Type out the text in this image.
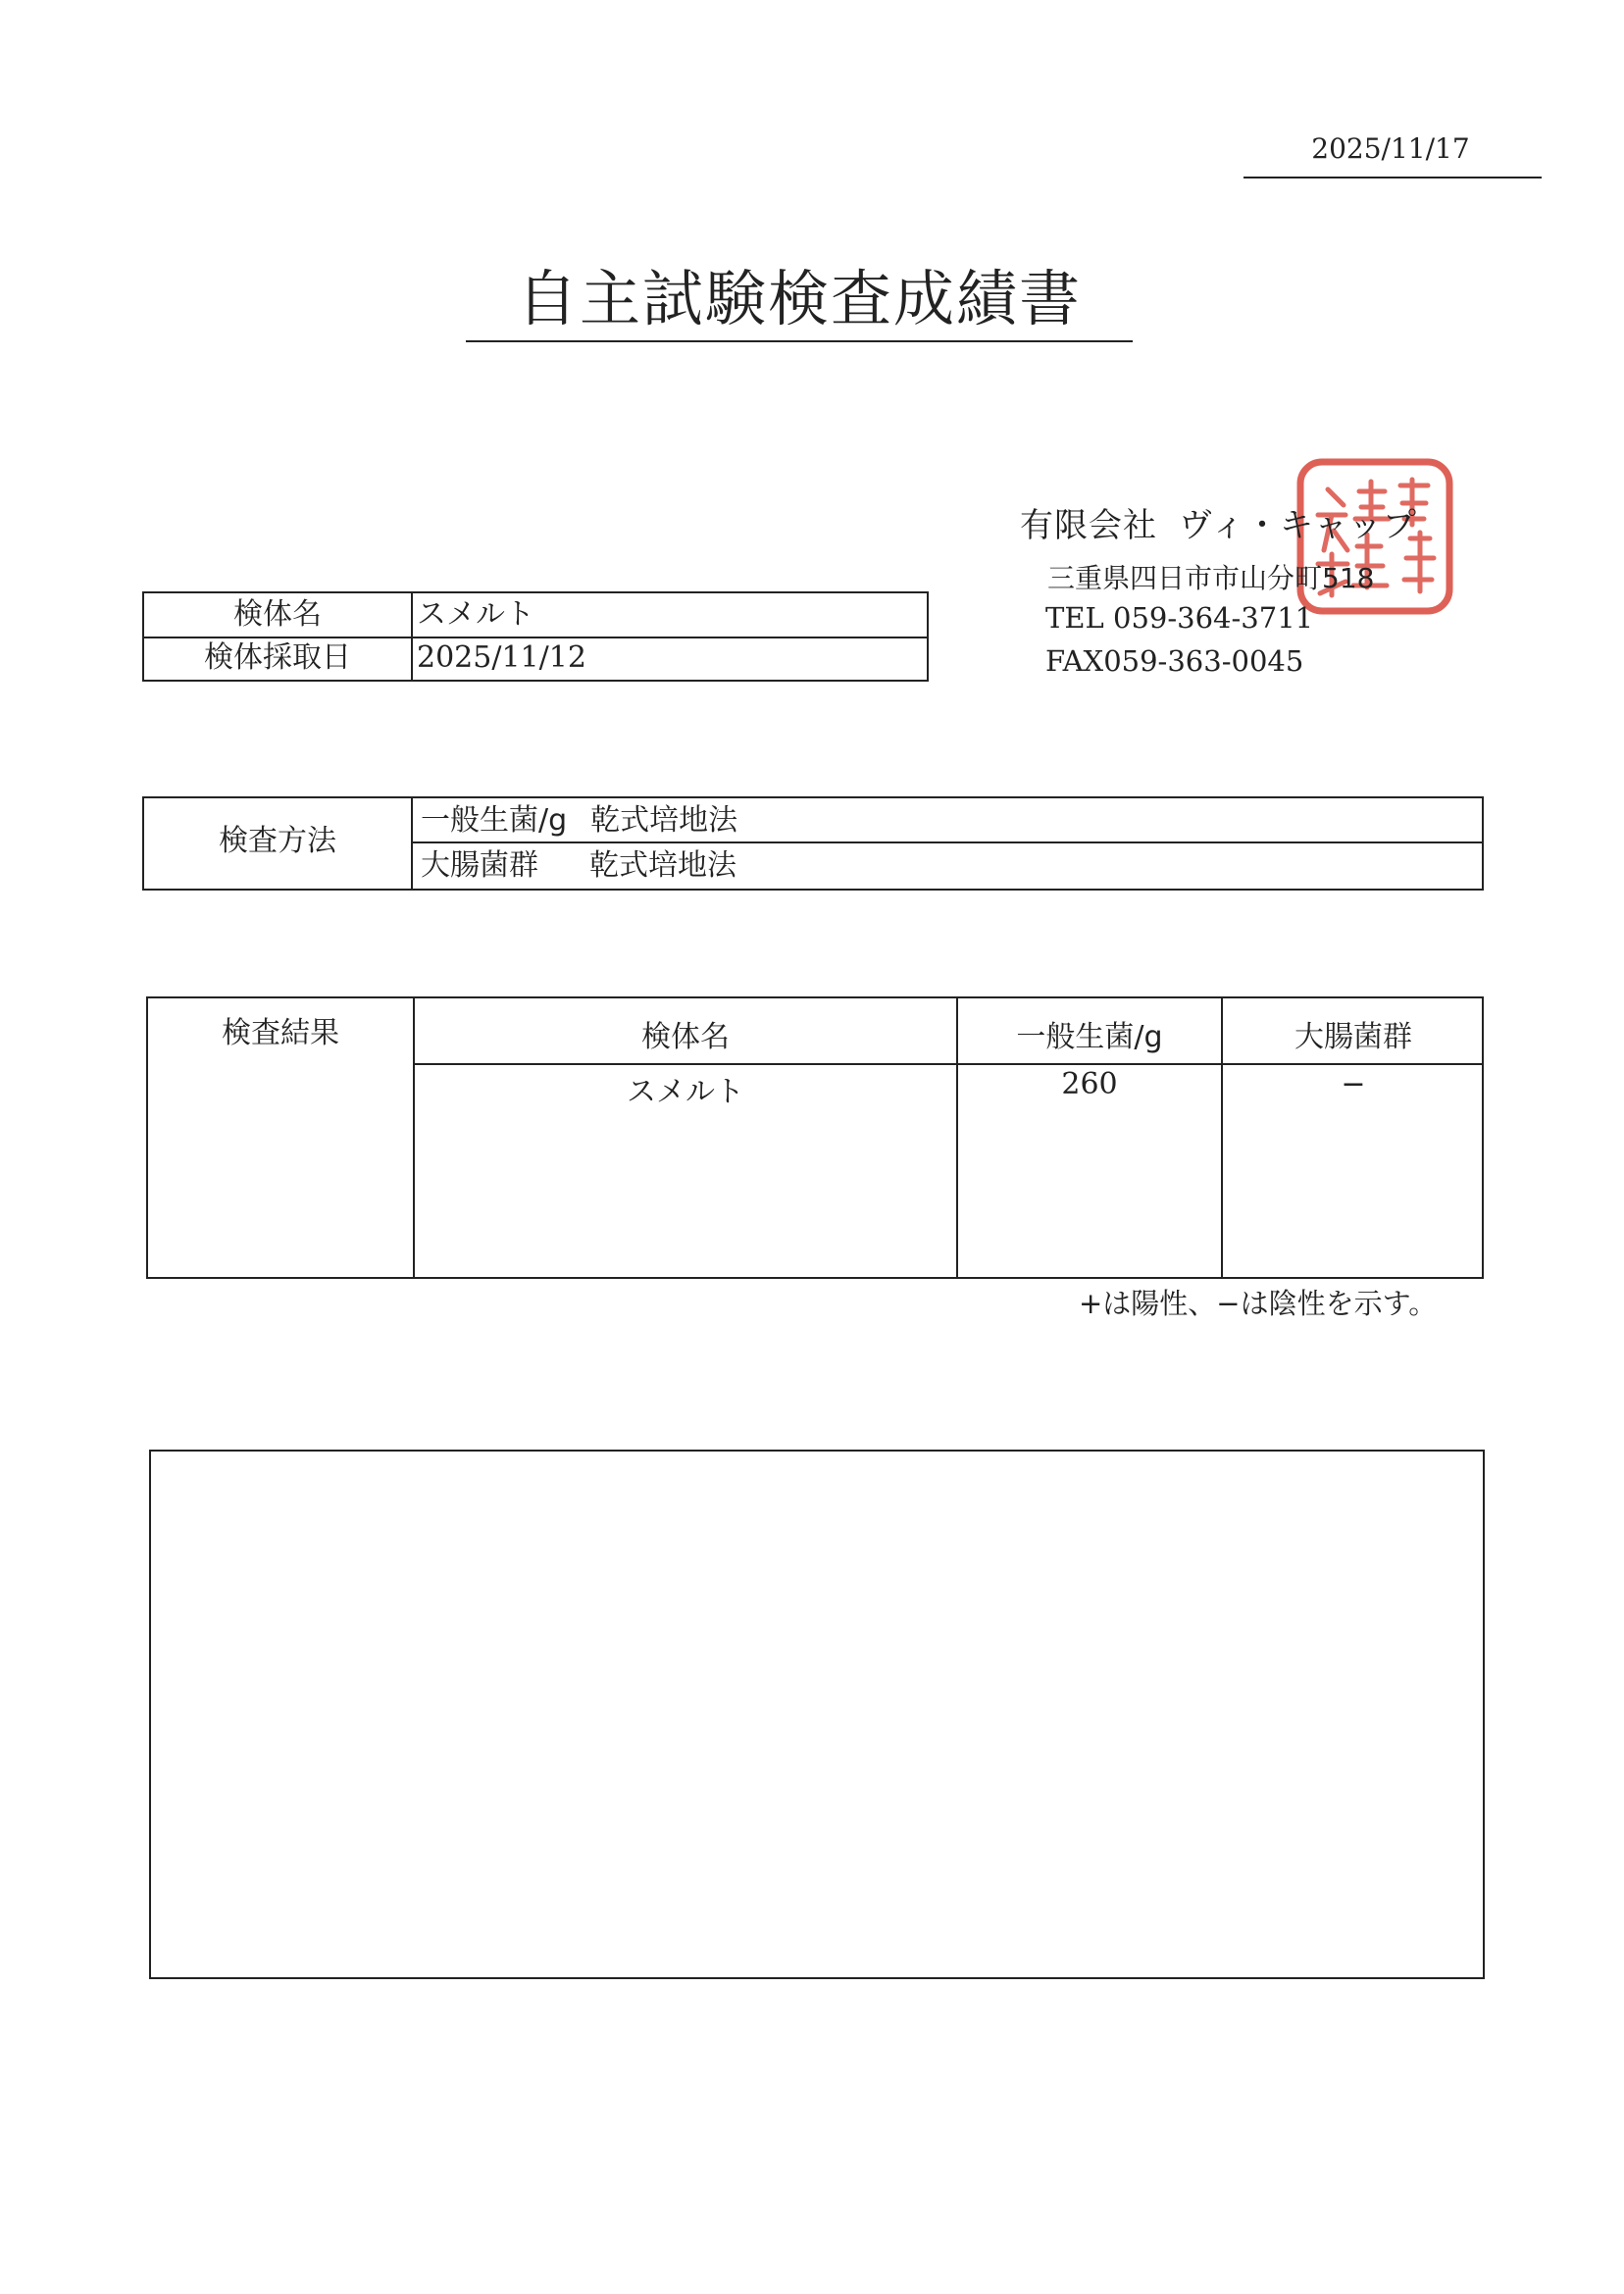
2025/11/17
自主試験検査成績書
有限会社 ヴィ・キャップ
三重県四日市市山分町518
TEL 059-364-3711
FAX059-363-0045
検体名	スメルト
検体採取日	2025/11/12
検査方法
一般生菌/g 乾式培地法
大腸菌群 乾式培地法
検査結果	検体名	一般生菌/g	大腸菌群
スメルト	260	−
+は陽性、−は陰性を示す。
